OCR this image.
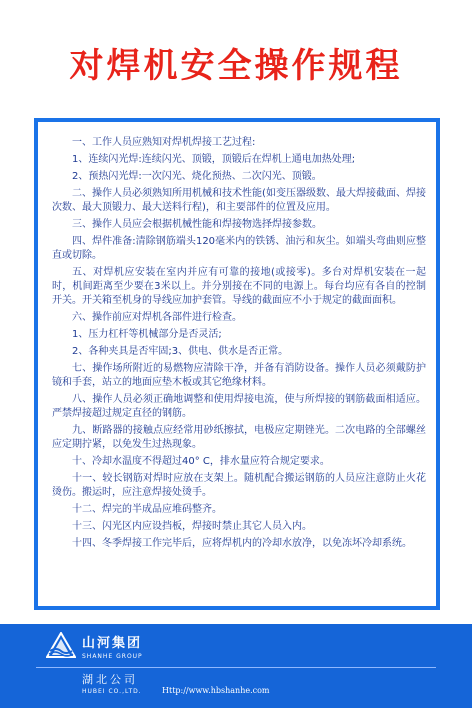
对焊机安全操作规程

一、工作人员应熟知对焊机焊接工艺过程:

1、连续闪光焊:连续闪光、顶锻，顶锻后在焊机上通电加热处理;

2、预热闪光焊:一次闪光、烧化预热、二次闪光、顶锻。

二、操作人员必须熟知所用机械和技术性能(如变压器级数、最大焊接截面、焊接次数、最大顶锻力、最大送料行程)，和主要部件的位置及应用。

三、操作人员应会根据机械性能和焊接物选择焊接参数。

四、焊件准备:清除钢筋端头120毫米内的铁锈、油污和灰尘。如端头弯曲则应整直或切除。

五、对焊机应安装在室内并应有可靠的接地(或接零)。多台对焊机安装在一起时，机间距离至少要在3米以上。并分别接在不同的电源上。每台均应有各自的控制开关。开关箱至机身的导线应加护套管。导线的截面应不小于规定的截面面积。

六、操作前应对焊机各部件进行检查。

1、压力杠杆等机械部分是否灵活;

2、各种夹具是否牢固;3、供电、供水是否正常。

七、操作场所附近的易燃物应清除干净，并备有消防设备。操作人员必须戴防护镜和手套，站立的地面应垫木板或其它绝缘材料。

八、操作人员必须正确地调整和使用焊接电流，使与所焊接的钢筋截面相适应。严禁焊接超过规定直径的钢筋。

九、断路器的接触点应经常用砂纸擦拭，电极应定期锉光。二次电路的全部螺丝应定期拧紧，以免发生过热现象。

十、冷却水温度不得超过40° C，排水量应符合规定要求。

十一、较长钢筋对焊时应放在支架上。随机配合搬运钢筋的人员应注意防止火花烫伤。搬运时，应注意焊接处烫手。

十二、焊完的半成品应堆码整齐。

十三、闪光区内应设挡板，焊接时禁止其它人员入内。

十四、冬季焊接工作完毕后，应将焊机内的冷却水放净，以免冻坏冷却系统。

山河集团
SHANHE GROUP
湖北公司
HUBEI CO.,LTD.	Http://www.hbshanhe.com
